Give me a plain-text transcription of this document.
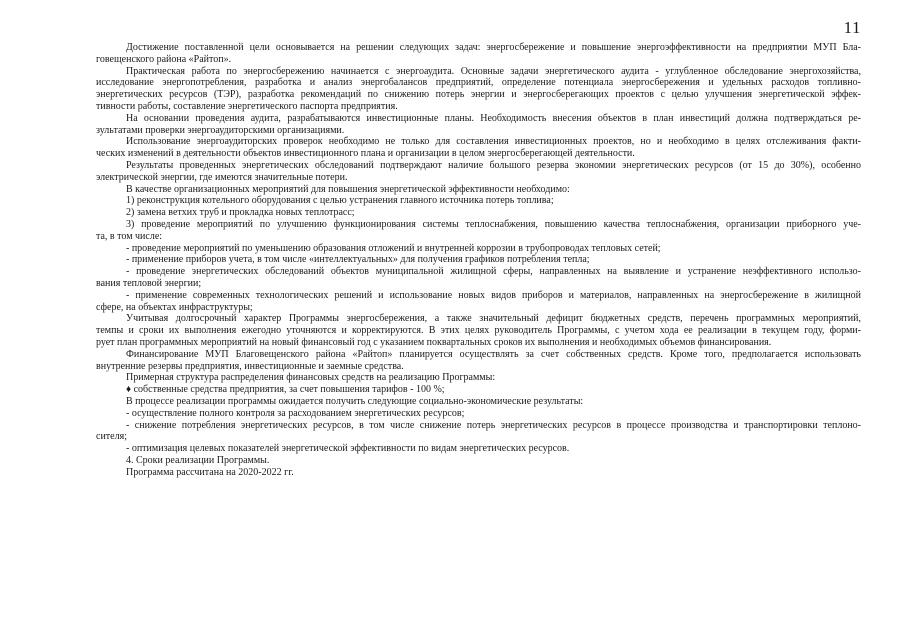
11
Достижение поставленной цели основывается на решении следующих задач: энергосбережение и повышение энергоэффективности на предприятии МУП Бла-
говещенского района «Райтоп».
Практическая работа по энергосбережению начинается с энергоаудита. Основные задачи энергетического аудита - углубленное обследование энергохозяйства,
исследование энергопотребления, разработка и анализ энергобалансов предприятий, определение потенциала энергосбережения и удельных расходов топливно-
энергетических ресурсов (ТЭР), разработка рекомендаций по снижению потерь энергии и энергосберегающих проектов с целью улучшения энергетической эффек-
тивности работы, составление энергетического паспорта предприятия.
На основании проведения аудита, разрабатываются инвестиционные планы. Необходимость внесения объектов в план инвестиций должна подтверждаться ре-
зультатами проверки энергоаудиторскими организациями.
Использование энергоаудиторских проверок необходимо не только для составления инвестиционных проектов, но и необходимо в целях отслеживания факти-
ческих изменений в деятельности объектов инвестиционного плана и организации в целом энергосберегающей деятельности.
Результаты проведенных энергетических обследований подтверждают наличие большого резерва экономии энергетических ресурсов (от 15 до 30%), особенно
электрической энергии, где имеются значительные потери.
В качестве организационных мероприятий для повышения энергетической эффективности необходимо:
1) реконструкция котельного оборудования с целью устранения главного источника потерь топлива;
2) замена ветхих труб и прокладка новых теплотрасс;
3) проведение мероприятий по улучшению функционирования системы теплоснабжения, повышению качества теплоснабжения, организации приборного уче-
та, в том числе:
- проведение мероприятий по уменьшению образования отложений и внутренней коррозии в трубопроводах тепловых сетей;
- применение приборов учета, в том числе «интеллектуальных» для получения графиков потребления тепла;
- проведение энергетических обследований объектов муниципальной жилищной сферы, направленных на выявление и устранение неэффективного использо-
вания тепловой энергии;
- применение современных технологических решений и использование новых видов приборов и материалов, направленных на энергосбережение в жилищной
сфере, на объектах инфраструктуры;
Учитывая долгосрочный характер Программы энергосбережения, а также значительный дефицит бюджетных средств, перечень программных мероприятий,
темпы и сроки их выполнения ежегодно уточняются и корректируются. В этих целях руководитель Программы, с учетом хода ее реализации в текущем году, форми-
рует план программных мероприятий на новый финансовый год с указанием поквартальных сроков их выполнения и необходимых объемов финансирования.
Финансирование МУП Благовещенского района «Райтоп» планируется осуществлять за счет собственных средств. Кроме того, предполагается использовать
внутренние резервы предприятия, инвестиционные и заемные средства.
Примерная структура распределения финансовых средств на реализацию Программы:
♦ собственные средства предприятия, за счет повышения тарифов - 100 %;
В процессе реализации программы ожидается получить следующие социально-экономические результаты:
- осуществление полного контроля за расходованием энергетических ресурсов;
- снижение потребления энергетических ресурсов, в том числе снижение потерь энергетических ресурсов в процессе производства и транспортировки теплоно-
сителя;
- оптимизация целевых показателей энергетической эффективности по видам энергетических ресурсов.
4. Сроки реализации Программы.
Программа рассчитана на 2020-2022 гг.
